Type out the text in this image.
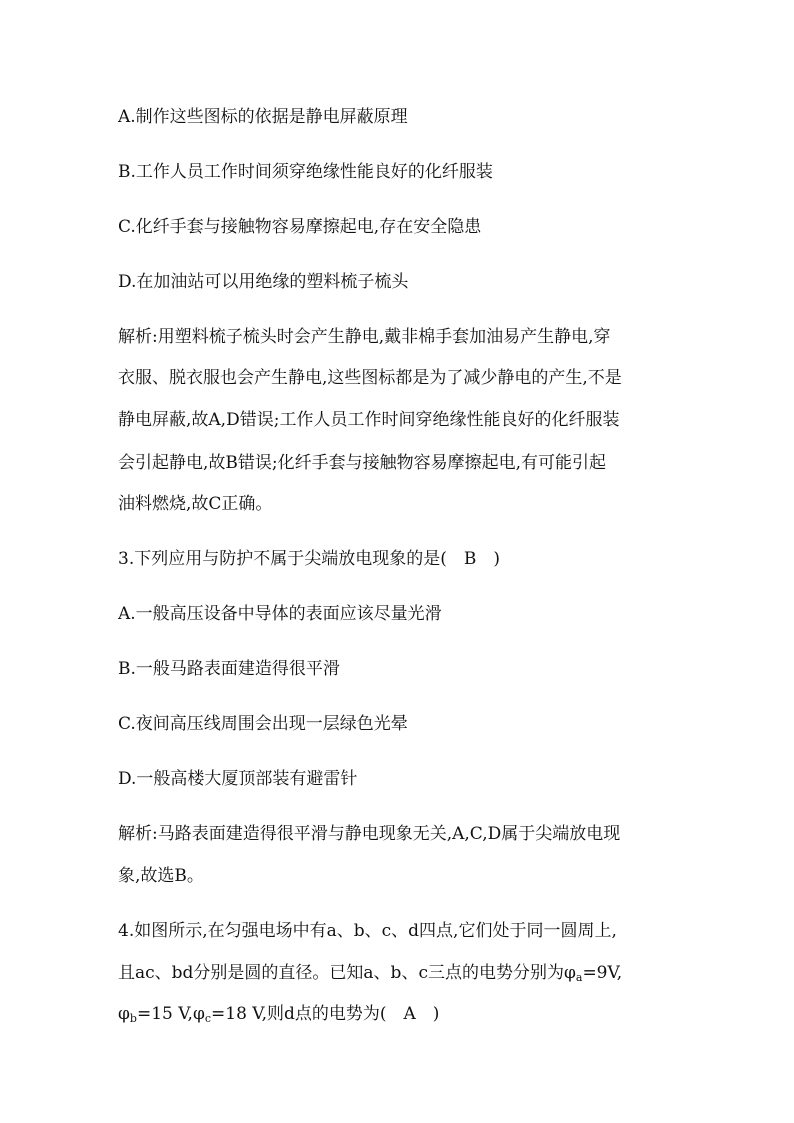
A.制作这些图标的依据是静电屏蔽原理
B.工作人员工作时间须穿绝缘性能良好的化纤服装
C.化纤手套与接触物容易摩擦起电,存在安全隐患
D.在加油站可以用绝缘的塑料梳子梳头
解析:用塑料梳子梳头时会产生静电,戴非棉手套加油易产生静电,穿
衣服、脱衣服也会产生静电,这些图标都是为了减少静电的产生,不是
静电屏蔽,故A,D错误;工作人员工作时间穿绝缘性能良好的化纤服装
会引起静电,故B错误;化纤手套与接触物容易摩擦起电,有可能引起
油料燃烧,故C正确。
3.下列应用与防护不属于尖端放电现象的是(　B　)
A.一般高压设备中导体的表面应该尽量光滑
B.一般马路表面建造得很平滑
C.夜间高压线周围会出现一层绿色光晕
D.一般高楼大厦顶部装有避雷针
解析:马路表面建造得很平滑与静电现象无关,A,C,D属于尖端放电现
象,故选B。
4.如图所示,在匀强电场中有a、b、c、d四点,它们处于同一圆周上,
且ac、bd分别是圆的直径。已知a、b、c三点的电势分别为$\varphi_a=9V$,
$\varphi_b=15$ $V,\varphi_c=18$ V,则d点的电势为(　A　)
